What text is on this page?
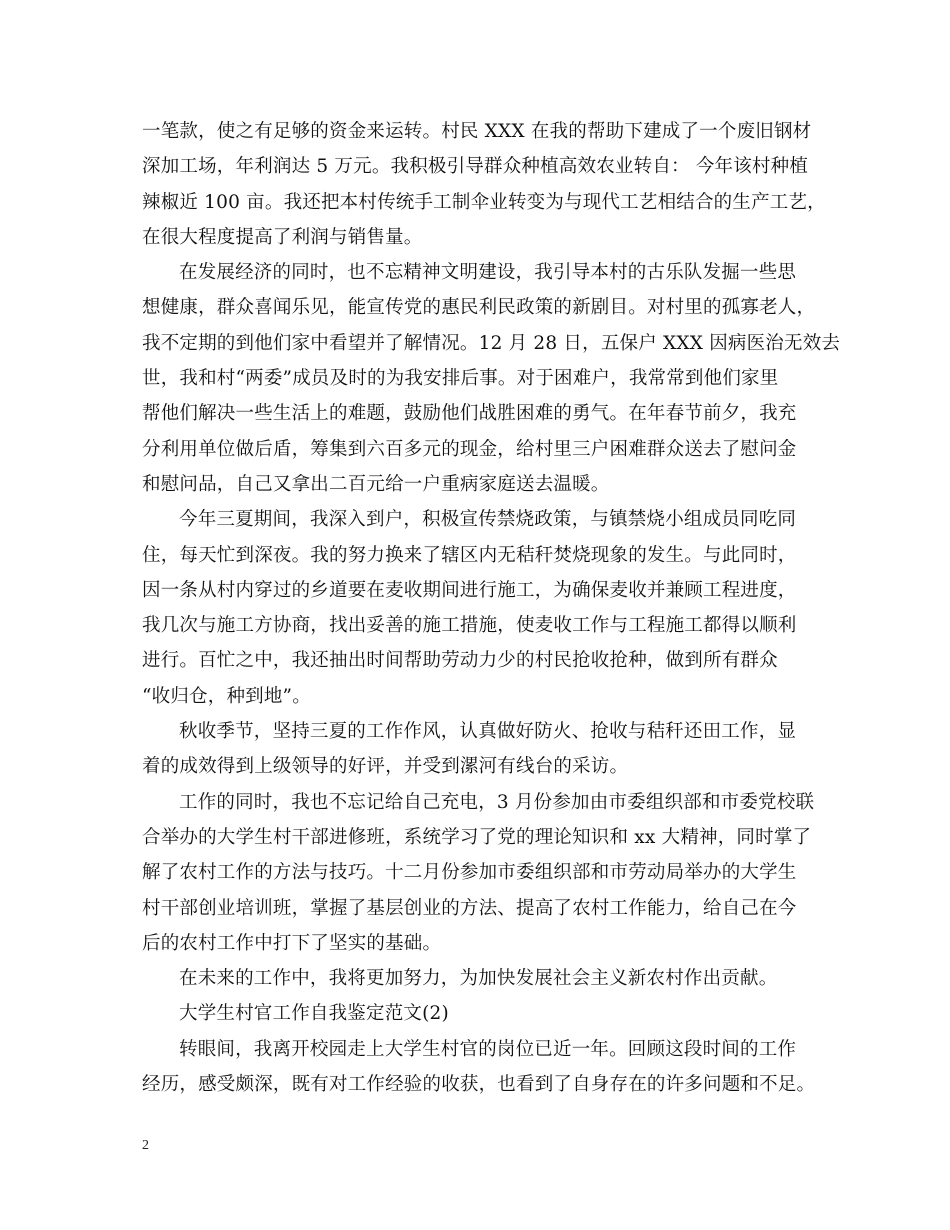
一笔款，使之有足够的资金来运转。村民 XXX 在我的帮助下建成了一个废旧钢材
深加工场，年利润达 5 万元。我积极引导群众种植高效农业转自： 今年该村种植
辣椒近 100 亩。我还把本村传统手工制伞业转变为与现代工艺相结合的生产工艺，
在很大程度提高了利润与销售量。
在发展经济的同时，也不忘精神文明建设，我引导本村的古乐队发掘一些思
想健康，群众喜闻乐见，能宣传党的惠民利民政策的新剧目。对村里的孤寡老人，
我不定期的到他们家中看望并了解情况。12 月 28 日，五保户 XXX 因病医治无效去
世，我和村“两委”成员及时的为我安排后事。对于困难户，我常常到他们家里
帮他们解决一些生活上的难题，鼓励他们战胜困难的勇气。在年春节前夕，我充
分利用单位做后盾，筹集到六百多元的现金，给村里三户困难群众送去了慰问金
和慰问品，自己又拿出二百元给一户重病家庭送去温暖。
今年三夏期间，我深入到户，积极宣传禁烧政策，与镇禁烧小组成员同吃同
住，每天忙到深夜。我的努力换来了辖区内无秸秆焚烧现象的发生。与此同时，
因一条从村内穿过的乡道要在麦收期间进行施工，为确保麦收并兼顾工程进度，
我几次与施工方协商，找出妥善的施工措施，使麦收工作与工程施工都得以顺利
进行。百忙之中，我还抽出时间帮助劳动力少的村民抢收抢种，做到所有群众
“收归仓，种到地”。
秋收季节，坚持三夏的工作作风，认真做好防火、抢收与秸秆还田工作，显
着的成效得到上级领导的好评，并受到漯河有线台的采访。
工作的同时，我也不忘记给自己充电，3 月份参加由市委组织部和市委党校联
合举办的大学生村干部进修班，系统学习了党的理论知识和 xx 大精神，同时掌了
解了农村工作的方法与技巧。十二月份参加市委组织部和市劳动局举办的大学生
村干部创业培训班，掌握了基层创业的方法、提高了农村工作能力，给自己在今
后的农村工作中打下了坚实的基础。
在未来的工作中，我将更加努力，为加快发展社会主义新农村作出贡献。
大学生村官工作自我鉴定范文(2)
转眼间，我离开校园走上大学生村官的岗位已近一年。回顾这段时间的工作
经历，感受颇深，既有对工作经验的收获，也看到了自身存在的许多问题和不足。
2
